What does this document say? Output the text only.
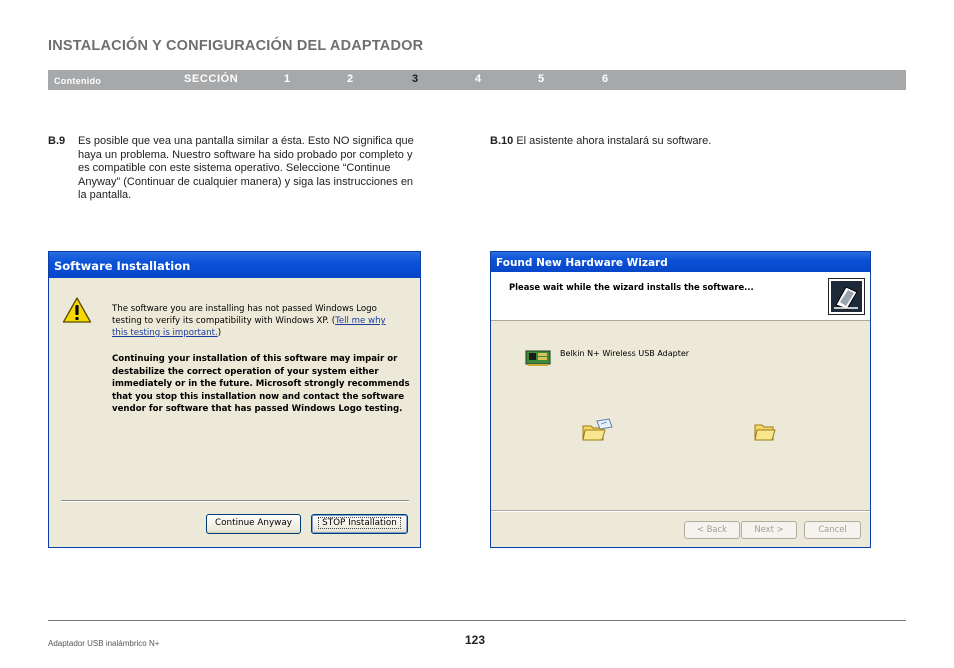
INSTALACIÓN Y CONFIGURACIÓN DEL ADAPTADOR
Contenido	SECCIÓN	1	2	3	4	5	6
B.9 Es posible que vea una pantalla similar a ésta. Esto NO significa que haya un problema. Nuestro software ha sido probado por completo y es compatible con este sistema operativo. Seleccione “Continue Anyway” (Continuar de cualquier manera) y siga las instrucciones en la pantalla.
B.10 El asistente ahora instalará su software.
Software Installation
The software you are installing has not passed Windows Logo testing to verify its compatibility with Windows XP. (Tell me why this testing is important.)
Continuing your installation of this software may impair or destabilize the correct operation of your system either immediately or in the future. Microsoft strongly recommends that you stop this installation now and contact the software vendor for software that has passed Windows Logo testing.
Continue Anyway	STOP Installation
Found New Hardware Wizard
Please wait while the wizard installs the software...
Belkin N+ Wireless USB Adapter
< Back	Next >	Cancel
Adaptador USB inalámbrico N+	123
